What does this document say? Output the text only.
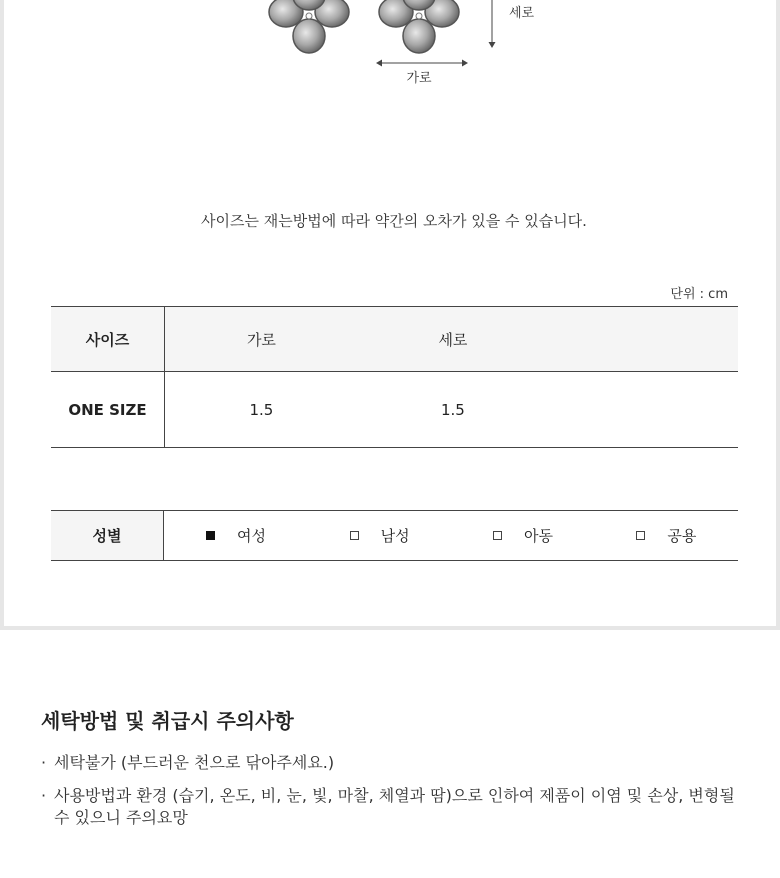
세로
가로
사이즈는 재는방법에 따라 약간의 오차가 있을 수 있습니다.
단위 : cm
사이즈	가로	세로	
ONE SIZE	1.5	1.5	
성별	여성	남성	아동	공용
세탁방법 및 취급시 주의사항
· 세탁불가 (부드러운 천으로 닦아주세요.)
· 사용방법과 환경 (습기, 온도, 비, 눈, 빛, 마찰, 체열과 땀)으로 인하여 제품이 이염 및 손상, 변형될 수 있으니 주의요망
